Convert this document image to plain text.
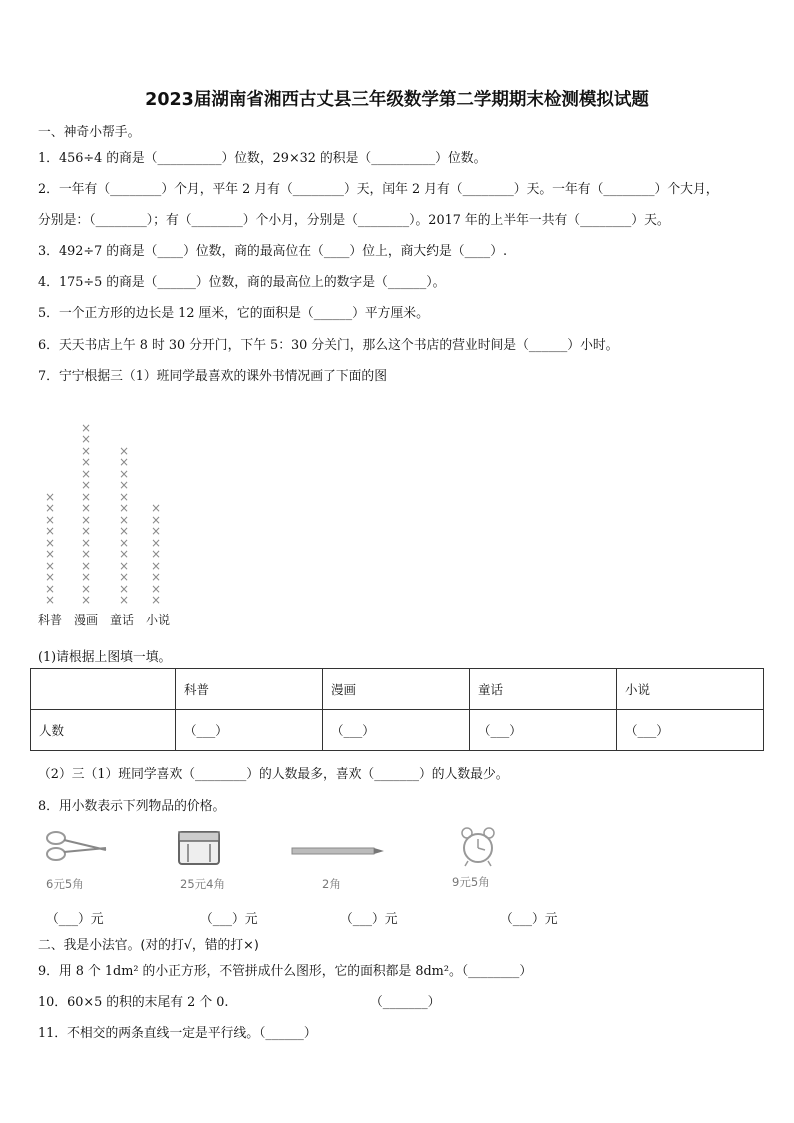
2023届湖南省湘西古丈县三年级数学第二学期期末检测模拟试题
一、神奇小帮手。
1．456÷4 的商是（__________）位数，29×32 的积是（__________）位数。
2．一年有（________）个月，平年 2 月有（________）天，闰年 2 月有（________）天。一年有（________）个大月，
分别是：（________）；有（________）个小月，分别是（________）。2017 年的上半年一共有（________）天。
3．492÷7 的商是（____）位数，商的最高位在（____）位上，商大约是（____）.
4．175÷5 的商是（______）位数，商的最高位上的数字是（______）。
5．一个正方形的边长是 12 厘米，它的面积是（______）平方厘米。
6．天天书店上午 8 时 30 分开门，下午 5：30 分关门，那么这个书店的营业时间是（______）小时。
7．宁宁根据三（1）班同学最喜欢的课外书情况画了下面的图
×
×
×
×
×
×
×
×
×
×
科普
×
×
×
×
×
×
×
×
×
×
×
×
×
×
×
×
漫画
×
×
×
×
×
×
×
×
×
×
×
×
×
×
童话
×
×
×
×
×
×
×
×
×
小说
(1)请根据上图填一填。
	科普	漫画	童话	小说
人数	（___）	（___）	（___）	（___）
（2）三（1）班同学喜欢（________）的人数最多，喜欢（_______）的人数最少。
8．用小数表示下列物品的价格。
6元5角	25元4角	2角	9元5角
（___）元	（___）元	（___）元	（___）元
二、我是小法官。(对的打√，错的打×)
9．用 8 个 1dm² 的小正方形，不管拼成什么图形，它的面积都是 8dm²。（________）
10．60×5 的积的末尾有 2 个 0.	（_______）
11．不相交的两条直线一定是平行线。（______）
